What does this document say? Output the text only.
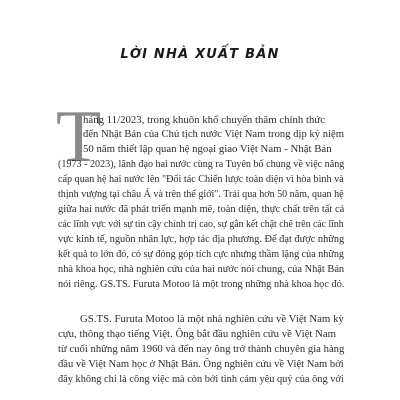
LỜI NHÀ XUẤT BẢN
T
háng 11/2023, trong khuôn khổ chuyến thăm chính thức
đến Nhật Bản của Chủ tịch nước Việt Nam trong dịp kỷ niệm
50 năm thiết lập quan hệ ngoại giao Việt Nam - Nhật Bản
(1973 - 2023), lãnh đạo hai nước cùng ra Tuyên bố chung về việc nâng
cấp quan hệ hai nước lên "Đối tác Chiến lược toàn diện vì hòa bình và
thịnh vượng tại châu Á và trên thế giới". Trải qua hơn 50 năm, quan hệ
giữa hai nước đã phát triển mạnh mẽ, toàn diện, thực chất trên tất cả
các lĩnh vực với sự tin cậy chính trị cao, sự gắn kết chặt chẽ trên các lĩnh
vực kinh tế, nguồn nhân lực, hợp tác địa phương. Để đạt được những
kết quả to lớn đó, có sự đóng góp tích cực nhưng thầm lặng của những
nhà khoa học, nhà nghiên cứu của hai nước nói chung, của Nhật Bản
nói riêng. GS.TS. Furuta Motoo là một trong những nhà khoa học đó.
GS.TS. Furuta Motoo là một nhà nghiên cứu về Việt Nam kỳ
cựu, thông thạo tiếng Việt. Ông bắt đầu nghiên cứu về Việt Nam
từ cuối những năm 1960 và đến nay ông trở thành chuyên gia hàng
đầu về Việt Nam học ở Nhật Bản. Ông nghiên cứu về Việt Nam bởi
đây không chỉ là công việc mà còn bởi tình cảm yêu quý của ông với
